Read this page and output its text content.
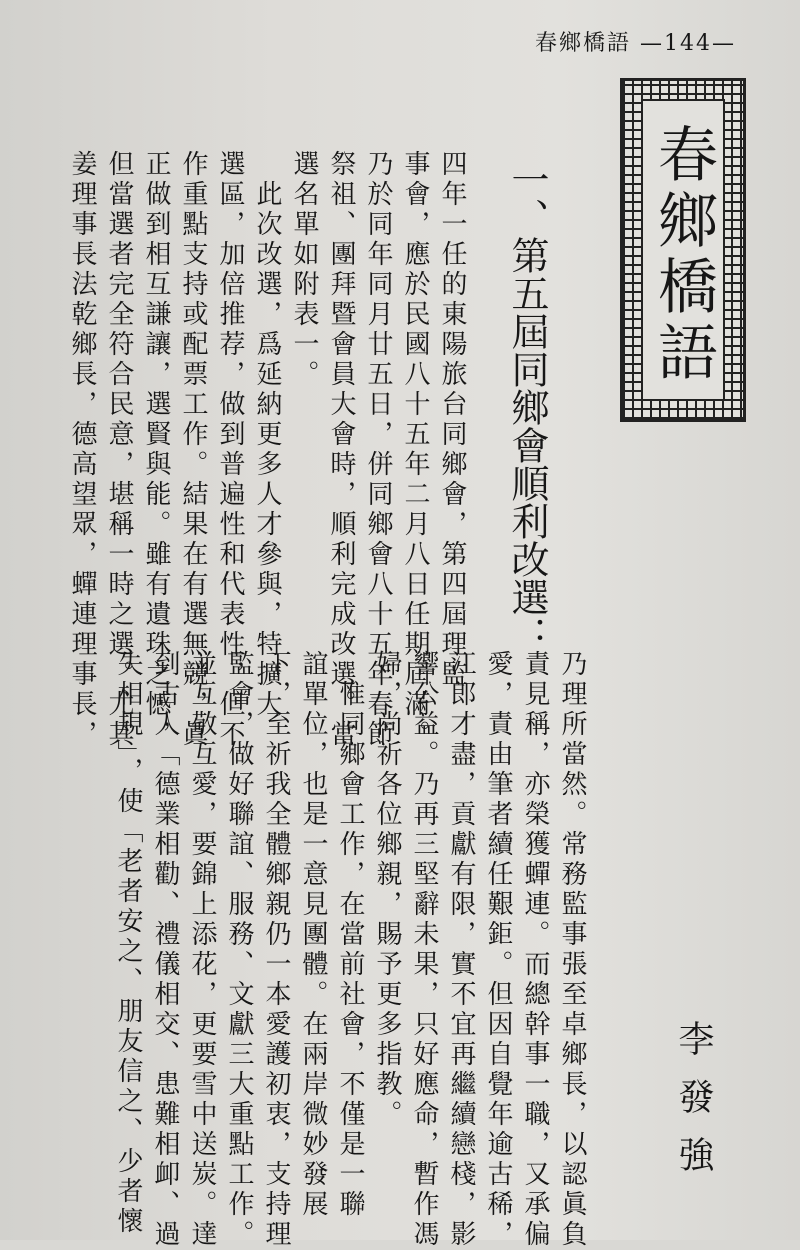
春鄉橋語 —144—
春鄉橋語
一、第五屆同鄉會順利改選：
四年一任的東陽旅台同鄉會，第四屆理監
事會，應於民國八十五年二月八日任期屆滿。
乃於同年同月廿五日，併同鄉會八十五年春節
祭祖、團拜暨會員大會時，順利完成改選。當
選名單如附表一。
　此次改選，爲延納更多人才參與，特擴大
選區，加倍推荐，做到普遍性和代表性，但不
作重點支持或配票工作。結果在有選無競，眞
正做到相互謙讓，選賢與能。雖有遺珠之憾，
但當選者完全符合民意，堪稱一時之選。尤其
姜理事長法乾鄉長，德高望眾，蟬連理事長，
乃理所當然。常務監事張至卓鄉長，以認眞負
責見稱，亦榮獲蟬連。而總幹事一職，又承偏
愛，責由筆者續任艱鉅。但因自覺年逾古稀，
江郎才盡，貢獻有限，實不宜再繼續戀棧，影
響公益。乃再三堅辭未果，只好應命，暫作馮
婦，尚祈各位鄉親，賜予更多指教。
　惟同鄉會工作，在當前社會，不僅是一聯
誼單位，也是一意見團體。在兩岸微妙發展
下，至祈我全體鄉親仍一本愛護初衷，支持理
監會，做好聯誼、服務、文獻三大重點工作。
並互敬互愛，要錦上添花，更要雪中送炭。達
到古人「德業相勸、禮儀相交、患難相卹、過
失相規」，使「老者安之、朋友信之、少者懷	李發強
